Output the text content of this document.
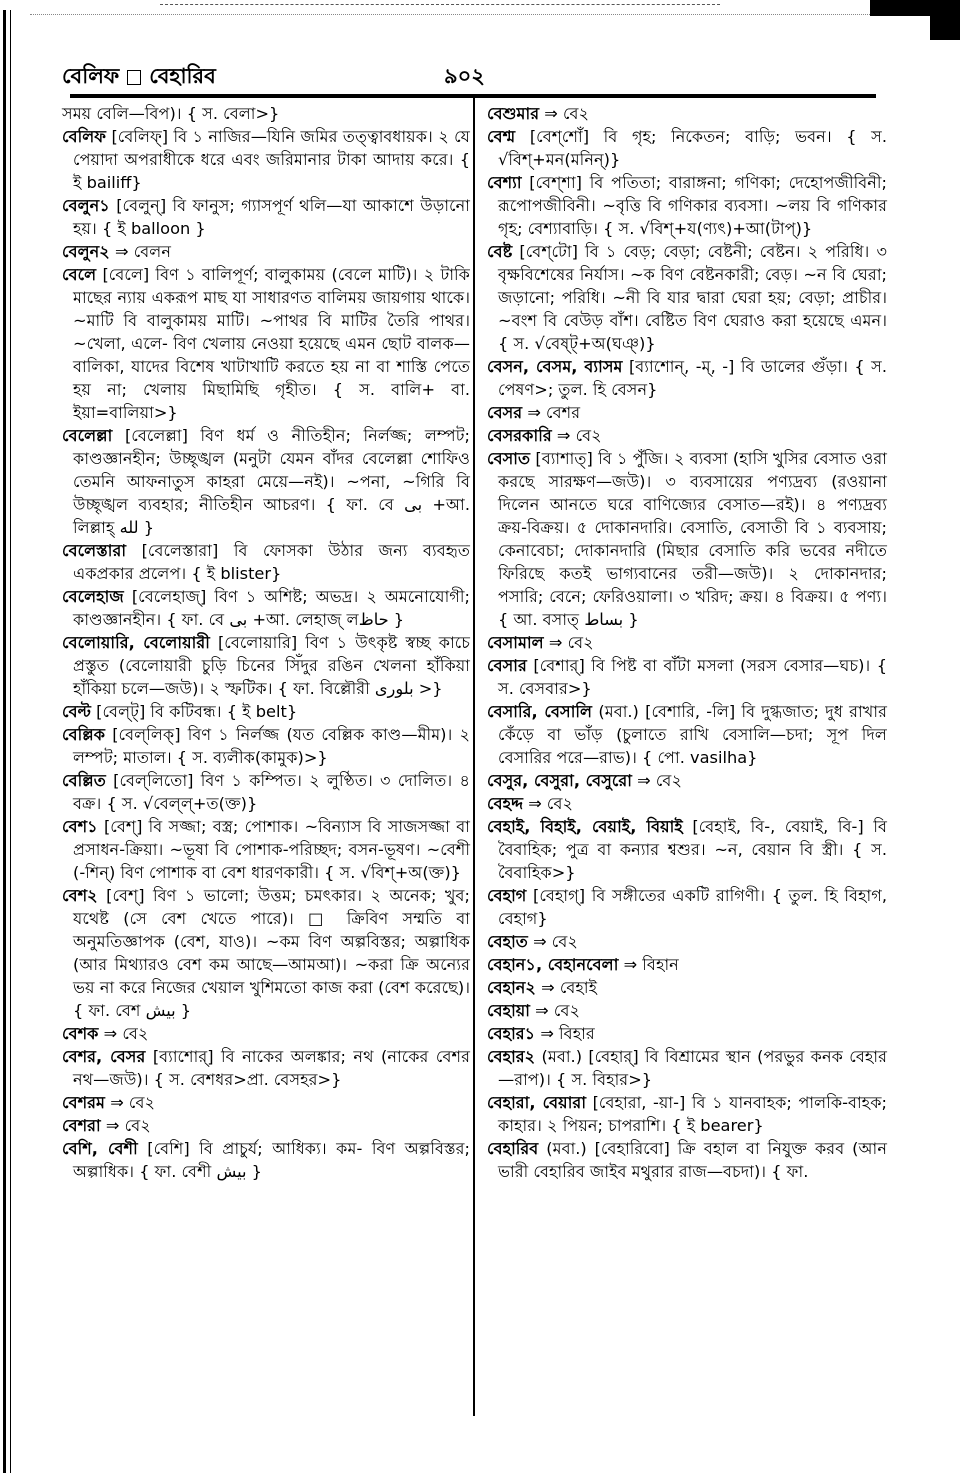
বেলিফ বেহারিব	৯০২

সময় বেলি—বিপ)। { স. বেলা>}

বেলিফ [বেলিফ্] বি ১ নাজির—যিনি জমির তত্ত্বাবধায়ক। ২ যে পেয়াদা অপরাধীকে ধরে এবং জরিমানার টাকা আদায় করে। { ই bailiff}

বেলুন১ [বেলুন্] বি ফানুস; গ্যাসপূর্ণ থলি—যা আকাশে উড়ানো হয়। { ই balloon }

বেলুন২ ⇒ বেলন

বেলে [বেলে] বিণ ১ বালিপূর্ণ; বালুকাময় (বেলে মাটি)। ২ টাকি মাছের ন্যায় একরূপ মাছ যা সাধারণত বালিময় জায়গায় থাকে। ~মাটি বি বালুকাময় মাটি। ~পাথর বি মাটির তৈরি পাথর। ~খেলা, এলে- বিণ খেলায় নেওয়া হয়েছে এমন ছোট বালক—বালিকা, যাদের বিশেষ খাটাখাটি করতে হয় না বা শাস্তি পেতে হয় না; খেলায় মিছামিছি গৃহীত। { স. বালি+ বা. ইয়া=বালিয়া>}

বেলেল্লা [বেলেল্লা] বিণ ধর্ম ও নীতিহীন; নির্লজ্জ; লম্পট; কাণ্ডজ্ঞানহীন; উচ্ছৃঙ্খল (মনুটা যেমন বাঁদর বেলেল্লা শোফিও তেমনি আফনাতুস কাহরা মেয়ে—নই)। ~পনা, ~গিরি বি উচ্ছৃঙ্খল ব্যবহার; নীতিহীন আচরণ। { ফা. বে بی +আ. লিল্লাহ্ لله }

বেলেস্তারা [বেলেস্তারা] বি ফোসকা উঠার জন্য ব্যবহৃত একপ্রকার প্রলেপ। { ই blister}

বেলেহাজ [বেলেহাজ্] বিণ ১ অশিষ্ট; অভদ্র। ২ অমনোযোগী; কাণ্ডজ্ঞানহীন। { ফা. বে بی +আ. লেহাজ্ লحاظ }

বেলোয়ারি, বেলোয়ারী [বেলোয়ারি] বিণ ১ উৎকৃষ্ট স্বচ্ছ কাচে প্রস্তুত (বেলোয়ারী চুড়ি চিনের সিঁদুর রঙিন খেলনা হাঁকিয়া হাঁকিয়া চলে—জউ)। ২ স্ফটিক। { ফা. বিল্লৌরী بلوری >}

বেল্ট [বেল্‌ট্] বি কটিবন্ধ। { ই belt}

বেল্লিক [বেল্‌লিক্] বিণ ১ নির্লজ্জ (যত বেল্লিক কাণ্ড—মীম)। ২ লম্পট; মাতাল। { স. ব্যলীক(কামুক)>}

বেল্লিত [বেল্‌লিতো] বিণ ১ কম্পিত। ২ লুণ্ঠিত। ৩ দোলিত। ৪ বক্র। { স. √বেল্ল্+ত(ক্ত)}

বেশ১ [বেশ্] বি সজ্জা; বস্ত্র; পোশাক। ~বিন্যাস বি সাজসজ্জা বা প্রসাধন-ক্রিয়া। ~ভূষা বি পোশাক-পরিচ্ছদ; বসন-ভূষণ। ~বেশী (-শিন্) বিণ পোশাক বা বেশ ধারণকারী। { স. √বিশ্+অ(ক্ত)}

বেশ২ [বেশ্] বিণ ১ ভালো; উত্তম; চমৎকার। ২ অনেক; খুব; যথেষ্ট (সে বেশ খেতে পারে)। □ ক্রিবিণ সম্মতি বা অনুমতিজ্ঞাপক (বেশ, যাও)। ~কম বিণ অল্পবিস্তর; অল্পাধিক (আর মিথ্যারও বেশ কম আছে—আমআ)। ~করা ক্রি অন্যের ভয় না করে নিজের খেয়াল খুশিমতো কাজ করা (বেশ করেছে)। { ফা. বেশ بیش }

বেশক ⇒ বে২

বেশর, বেসর [ব্যাশোর্] বি নাকের অলঙ্কার; নথ (নাকের বেশর নথ—জউ)। { স. বেশধর>প্রা. বেসহর>}

বেশরম ⇒ বে২

বেশরা ⇒ বে২

বেশি, বেশী [বেশি] বি প্রাচুর্য; আধিক্য। কম- বিণ অল্পবিস্তর; অল্পাধিক। { ফা. বেশী بیش }

বেশুমার ⇒ বে২

বেশ্ম [বেশ্‌শোঁ] বি গৃহ; নিকেতন; বাড়ি; ভবন। { স. √বিশ্+মন(মনিন্)}

বেশ্যা [বেশ্‌শা] বি পতিতা; বারাঙ্গনা; গণিকা; দেহোপজীবিনী; রূপোপজীবিনী। ~বৃত্তি বি গণিকার ব্যবসা। ~লয় বি গণিকার গৃহ; বেশ্যাবাড়ি। { স. √বিশ্+য(ণ্যৎ)+আ(টাপ্)}

বেষ্ট [বেশ্‌টো] বি ১ বেড়; বেড়া; বেষ্টনী; বেষ্টন। ২ পরিধি। ৩ বৃক্ষবিশেষের নির্যাস। ~ক বিণ বেষ্টনকারী; বেড়। ~ন বি ঘেরা; জড়ানো; পরিধি। ~নী বি যার দ্বারা ঘেরা হয়; বেড়া; প্রাচীর। ~বংশ বি বেউড় বাঁশ। বেষ্টিত বিণ ঘেরাও করা হয়েছে এমন। { স. √বেষ্ট্+অ(ঘঞ্)}

বেসন, বেসম, ব্যাসম [ব্যাশোন্, -ম্, -] বি ডালের গুঁড়া। { স. পেষণ>; তুল. হি বেসন}

বেসর ⇒ বেশর

বেসরকারি ⇒ বে২

বেসাত [ব্যাশাত্] বি ১ পুঁজি। ২ ব্যবসা (হাসি খুসির বেসাত ওরা করছে সারক্ষণ—জউ)। ৩ ব্যবসায়ের পণ্যদ্রব্য (রওয়ানা দিলেন আনতে ঘরে বাণিজ্যের বেসাত—রই)। ৪ পণ্যদ্রব্য ক্রয়-বিক্রয়। ৫ দোকানদারি। বেসাতি, বেসাতী বি ১ ব্যবসায়; কেনাবেচা; দোকানদারি (মিছার বেসাতি করি ভবের নদীতে ফিরিছে কতই ভাগ্যবানের তরী—জউ)। ২ দোকানদার; পসারি; বেনে; ফেরিওয়ালা। ৩ খরিদ; ক্রয়। ৪ বিক্রয়। ৫ পণ্য। { আ. বসাত্ بساط }

বেসামাল ⇒ বে২

বেসার [বেশার্] বি পিষ্ট বা বাঁটা মসলা (সরস বেসার—ঘচ)। { স. বেসবার>}

বেসারি, বেসালি (মবা.) [বেশারি, -লি] বি দুগ্ধজাত; দুধ রাখার কেঁড়ে বা ভাঁড় (চুলাতে রাখি বেসালি—চদা; সূপ দিল বেসারির পরে—রাভ)। { পো. vasilha}

বেসুর, বেসুরা, বেসুরো ⇒ বে২

বেহদ্দ ⇒ বে২

বেহাই, বিহাই, বেয়াই, বিয়াই [বেহাই, বি-, বেয়াই, বি-] বি বৈবাহিক; পুত্র বা কন্যার শ্বশুর। ~ন, বেয়ান বি স্ত্রী। { স. বৈবাহিক>}

বেহাগ [বেহাগ্] বি সঙ্গীতের একটি রাগিণী। { তুল. হি বিহাগ, বেহাগ}

বেহাত ⇒ বে২

বেহান১, বেহানবেলা ⇒ বিহান

বেহান২ ⇒ বেহাই

বেহায়া ⇒ বে২

বেহার১ ⇒ বিহার

বেহার২ (মবা.) [বেহার্] বি বিশ্রামের স্থান (পরভুর কনক বেহার—রাপ)। { স. বিহার>}

বেহারা, বেয়ারা [বেহারা, -য়া-] বি ১ যানবাহক; পালকি-বাহক; কাহার। ২ পিয়ন; চাপরাশি। { ই bearer}

বেহারিব (মবা.) [বেহারিবো] ক্রি বহাল বা নিযুক্ত করব (আন ভারী বেহারিব জাইব মথুরার রাজ—বচদা)। { ফা.
